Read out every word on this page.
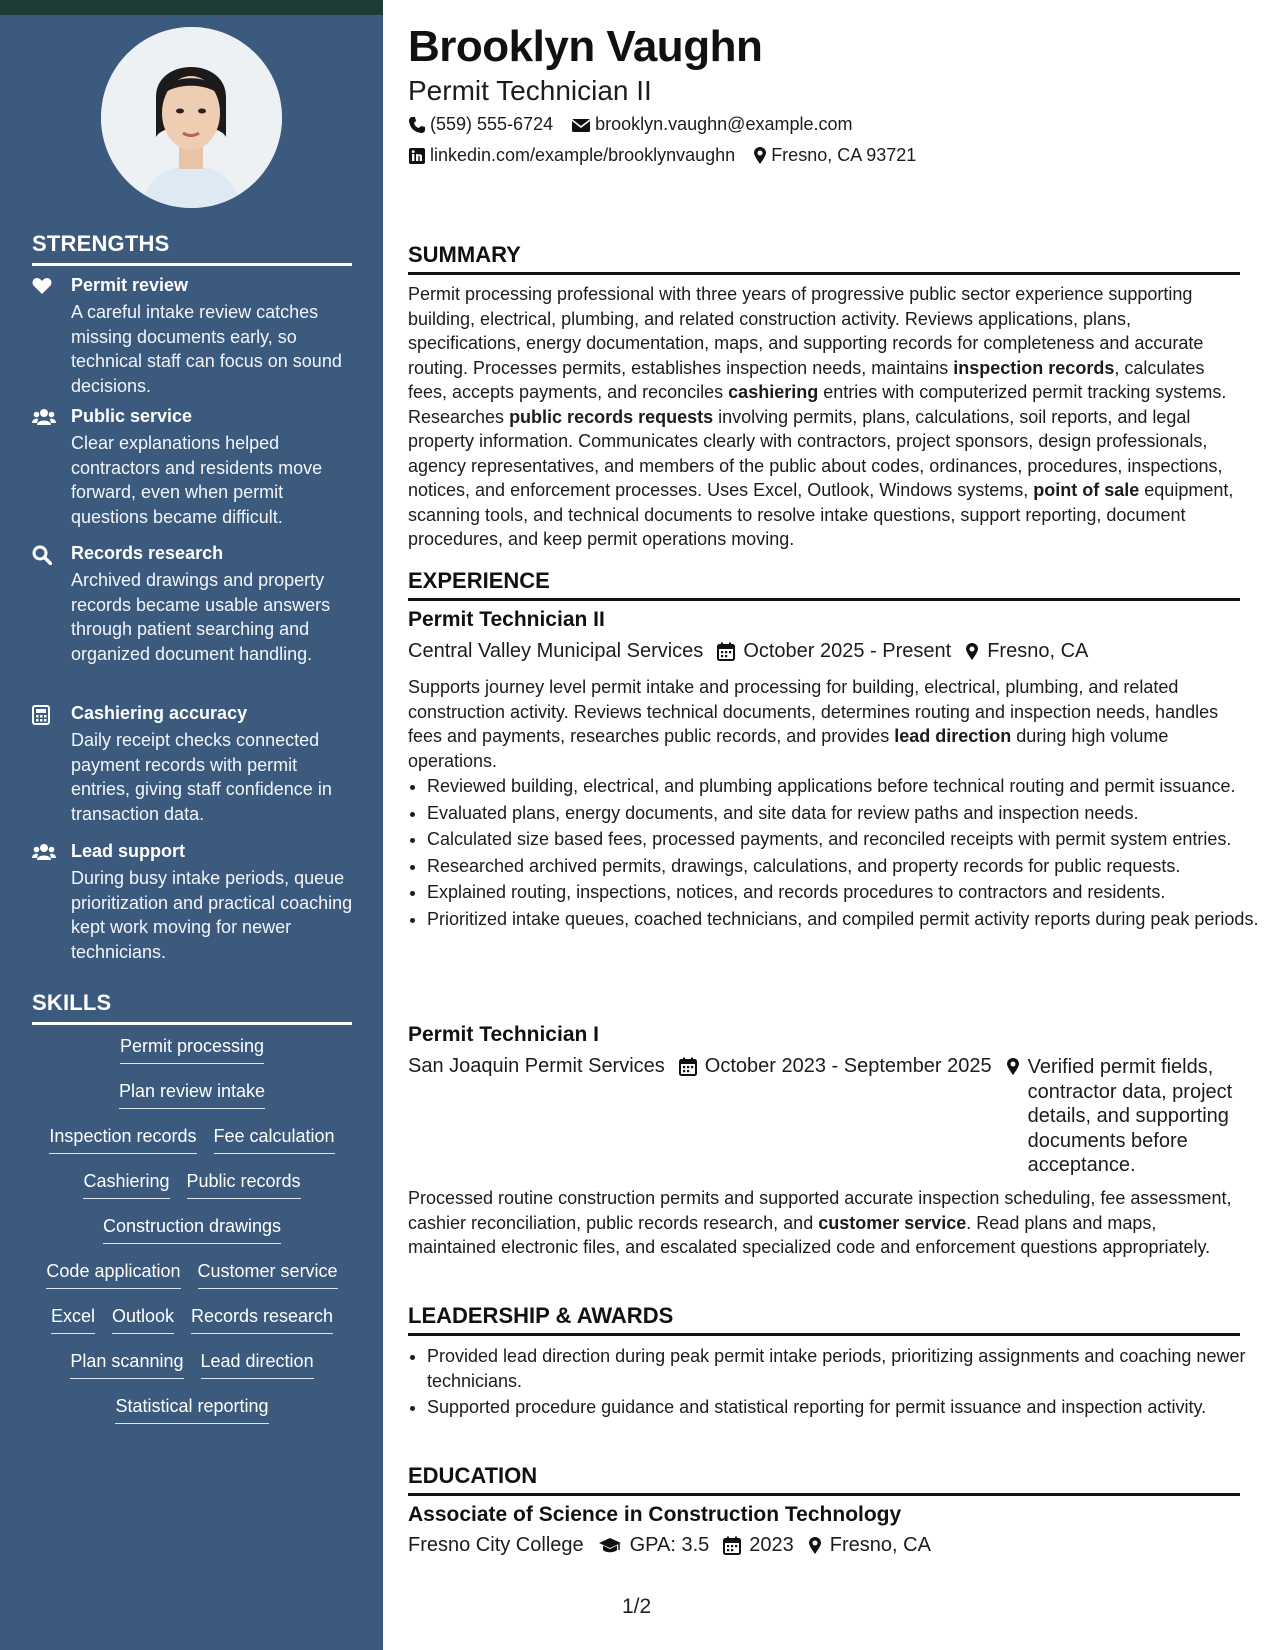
STRENGTHS
Permit review
A careful intake review catches missing documents early, so technical staff can focus on sound decisions.
Public service
Clear explanations helped contractors and residents move forward, even when permit questions became difficult.
Records research
Archived drawings and property records became usable answers through patient searching and organized document handling.
Cashiering accuracy
Daily receipt checks connected payment records with permit entries, giving staff confidence in transaction data.
Lead support
During busy intake periods, queue prioritization and practical coaching kept work moving for newer technicians.
SKILLS
Permit processing
Plan review intake
Inspection records Fee calculation
Cashiering Public records
Construction drawings
Code application Customer service
Excel Outlook Records research
Plan scanning Lead direction
Statistical reporting
Brooklyn Vaughn
Permit Technician II
(559) 555-6724 brooklyn.vaughn@example.com
linkedin.com/example/brooklynvaughn Fresno, CA 93721
SUMMARY
Permit processing professional with three years of progressive public sector experience supporting building, electrical, plumbing, and related construction activity. Reviews applications, plans, specifications, energy documentation, maps, and supporting records for completeness and accurate routing. Processes permits, establishes inspection needs, maintains inspection records, calculates fees, accepts payments, and reconciles cashiering entries with computerized permit tracking systems. Researches public records requests involving permits, plans, calculations, soil reports, and legal property information. Communicates clearly with contractors, project sponsors, design professionals, agency representatives, and members of the public about codes, ordinances, procedures, inspections, notices, and enforcement processes. Uses Excel, Outlook, Windows systems, point of sale equipment, scanning tools, and technical documents to resolve intake questions, support reporting, document procedures, and keep permit operations moving.
EXPERIENCE
Permit Technician II
Central Valley Municipal Services October 2025 - Present Fresno, CA
Supports journey level permit intake and processing for building, electrical, plumbing, and related construction activity. Reviews technical documents, determines routing and inspection needs, handles fees and payments, researches public records, and provides lead direction during high volume operations.
• Reviewed building, electrical, and plumbing applications before technical routing and permit issuance.
• Evaluated plans, energy documents, and site data for review paths and inspection needs.
• Calculated size based fees, processed payments, and reconciled receipts with permit system entries.
• Researched archived permits, drawings, calculations, and property records for public requests.
• Explained routing, inspections, notices, and records procedures to contractors and residents.
• Prioritized intake queues, coached technicians, and compiled permit activity reports during peak periods.
Permit Technician I
San Joaquin Permit Services October 2023 - September 2025 Verified permit fields, contractor data, project details, and supporting documents before acceptance.
Processed routine construction permits and supported accurate inspection scheduling, fee assessment, cashier reconciliation, public records research, and customer service. Read plans and maps, maintained electronic files, and escalated specialized code and enforcement questions appropriately.
LEADERSHIP & AWARDS
• Provided lead direction during peak permit intake periods, prioritizing assignments and coaching newer technicians.
• Supported procedure guidance and statistical reporting for permit issuance and inspection activity.
EDUCATION
Associate of Science in Construction Technology
Fresno City College GPA: 3.5 2023 Fresno, CA
1/2
